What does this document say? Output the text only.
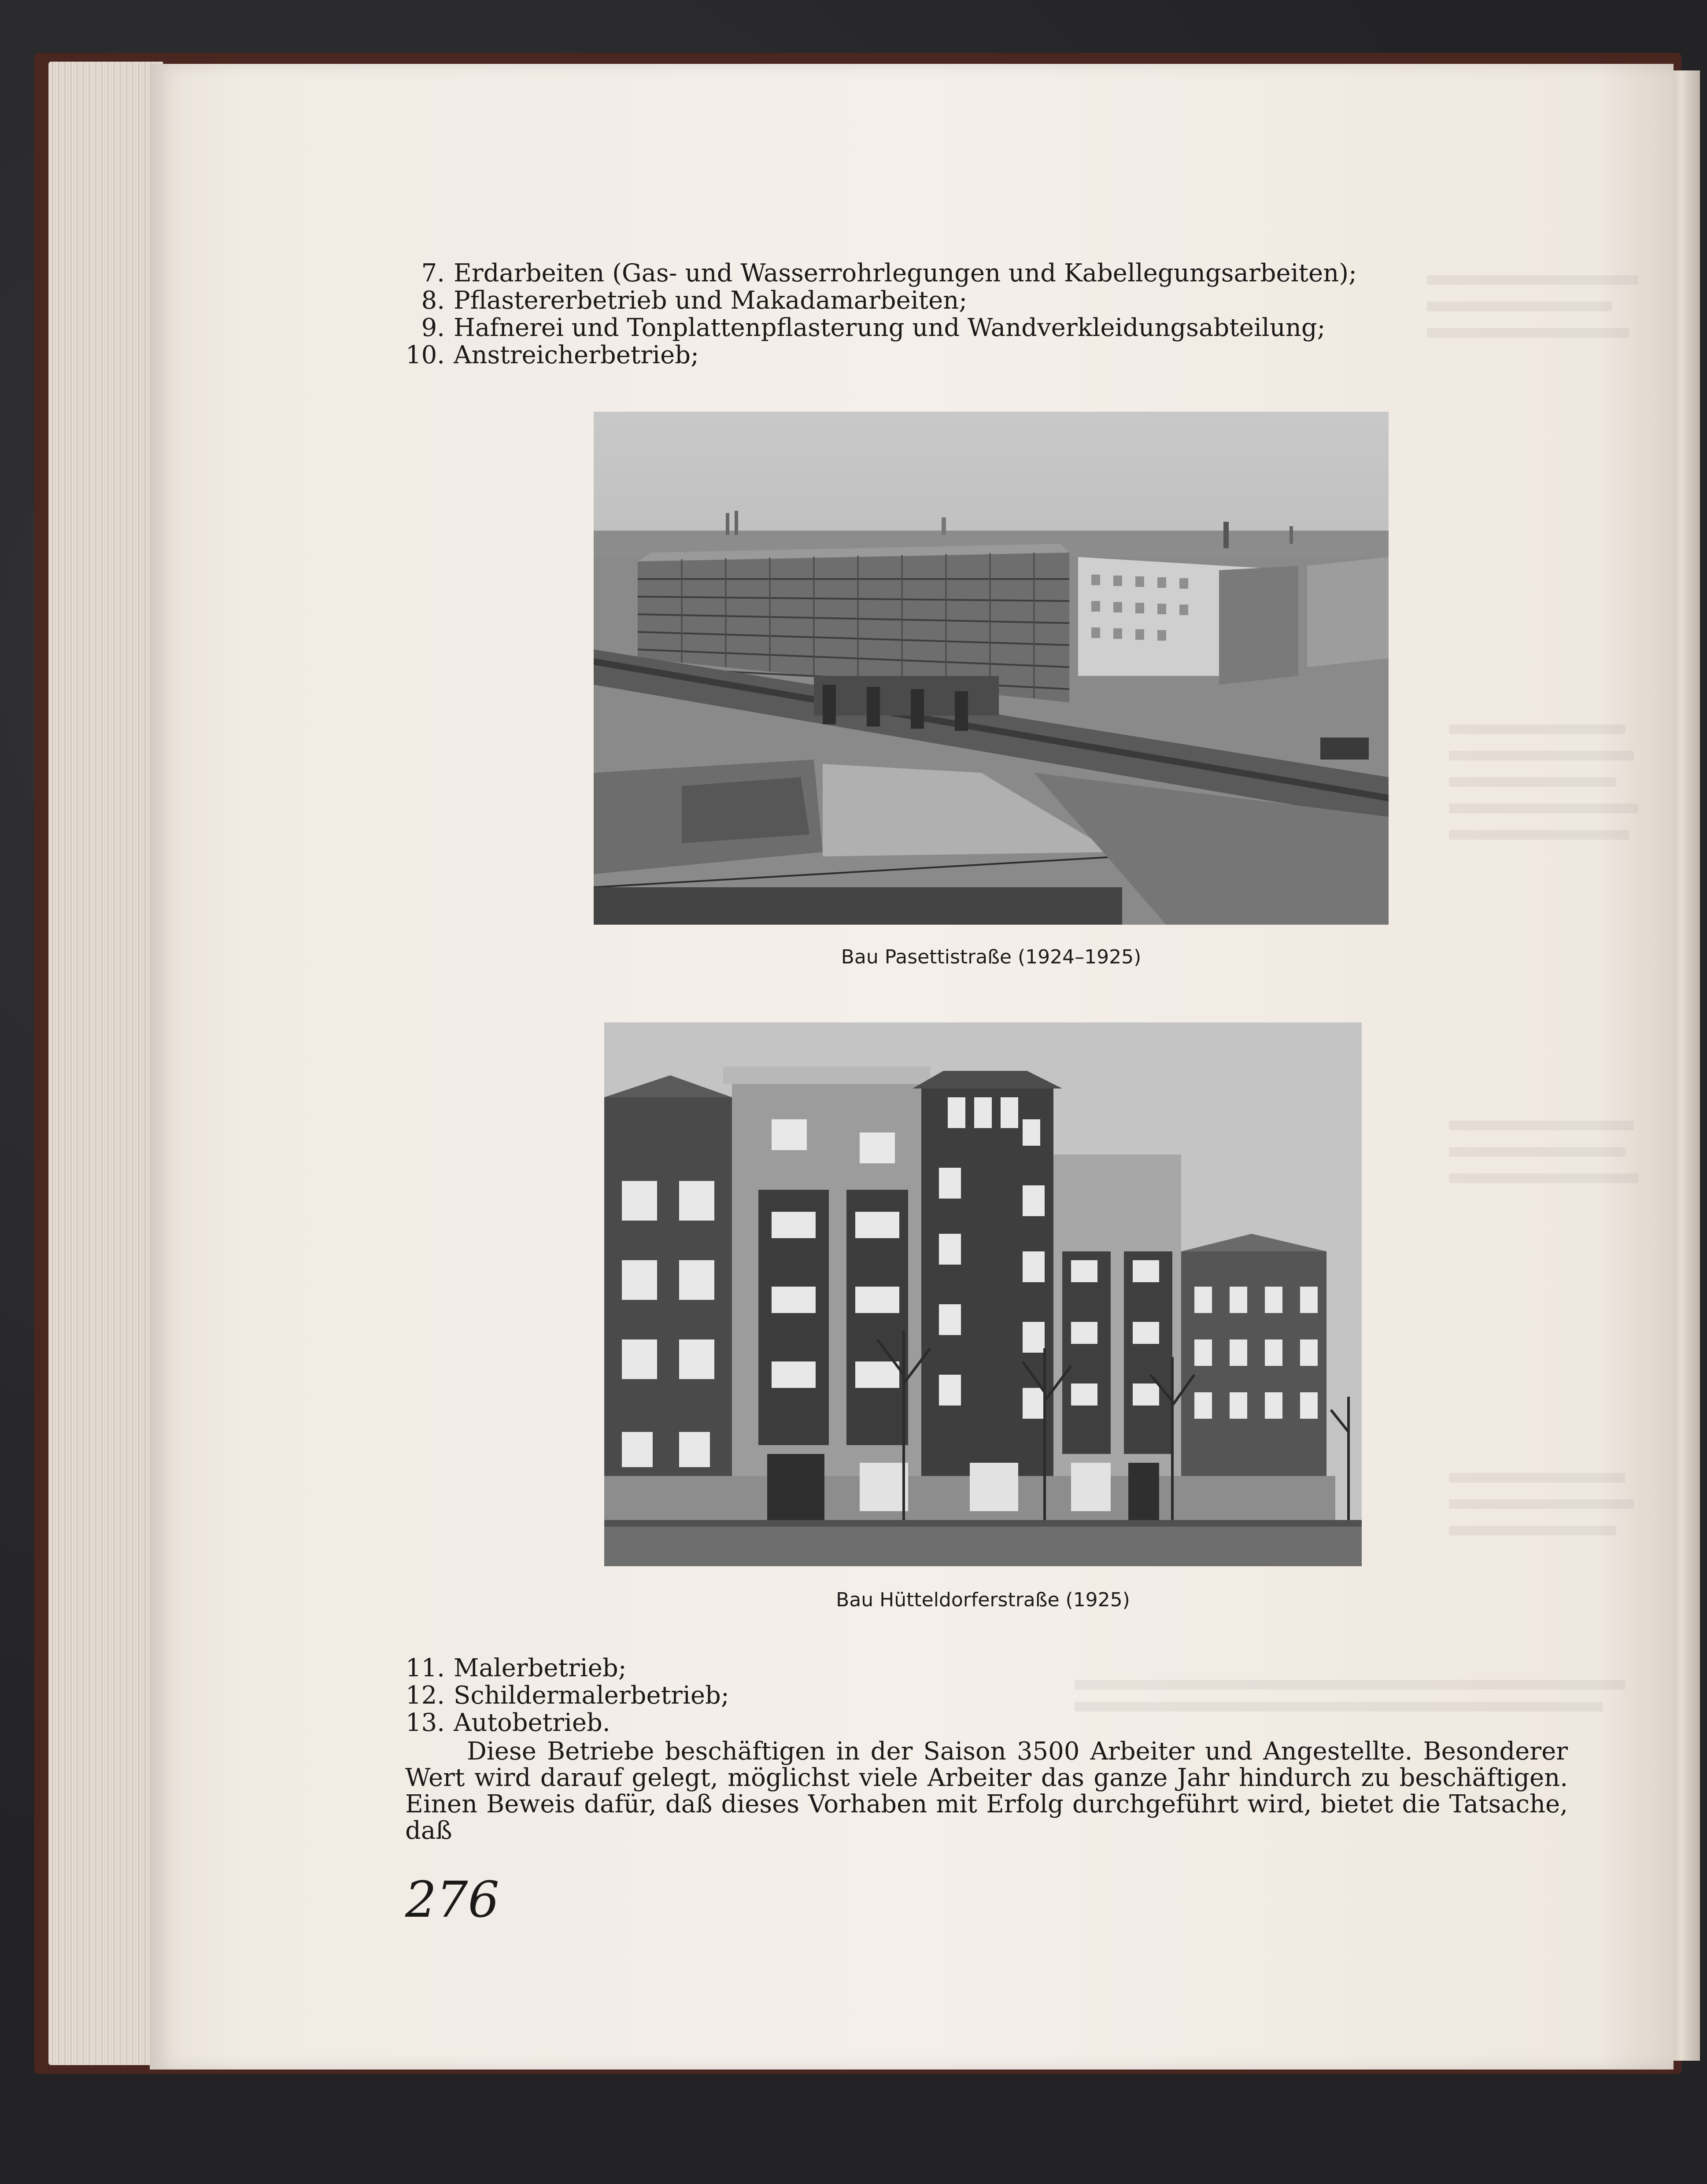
7. Erdarbeiten (Gas- und Wasserrohrlegungen und Kabellegungsarbeiten);
8. Pflastererbetrieb und Makadamarbeiten;
9. Hafnerei und Tonplattenpflasterung und Wandverkleidungsabteilung;
10. Anstreicherbetrieb;
Bau Pasettistraße (1924–1925)
Bau Hütteldorferstraße (1925)
11. Malerbetrieb;
12. Schildermalerbetrieb;
13. Autobetrieb.
Diese Betriebe beschäftigen in der Saison 3500 Arbeiter und Angestellte. Besonderer Wert wird darauf gelegt, möglichst viele Arbeiter das ganze Jahr hindurch zu beschäftigen. Einen Beweis dafür, daß dieses Vorhaben mit Erfolg durchgeführt wird, bietet die Tatsache, daß
276
